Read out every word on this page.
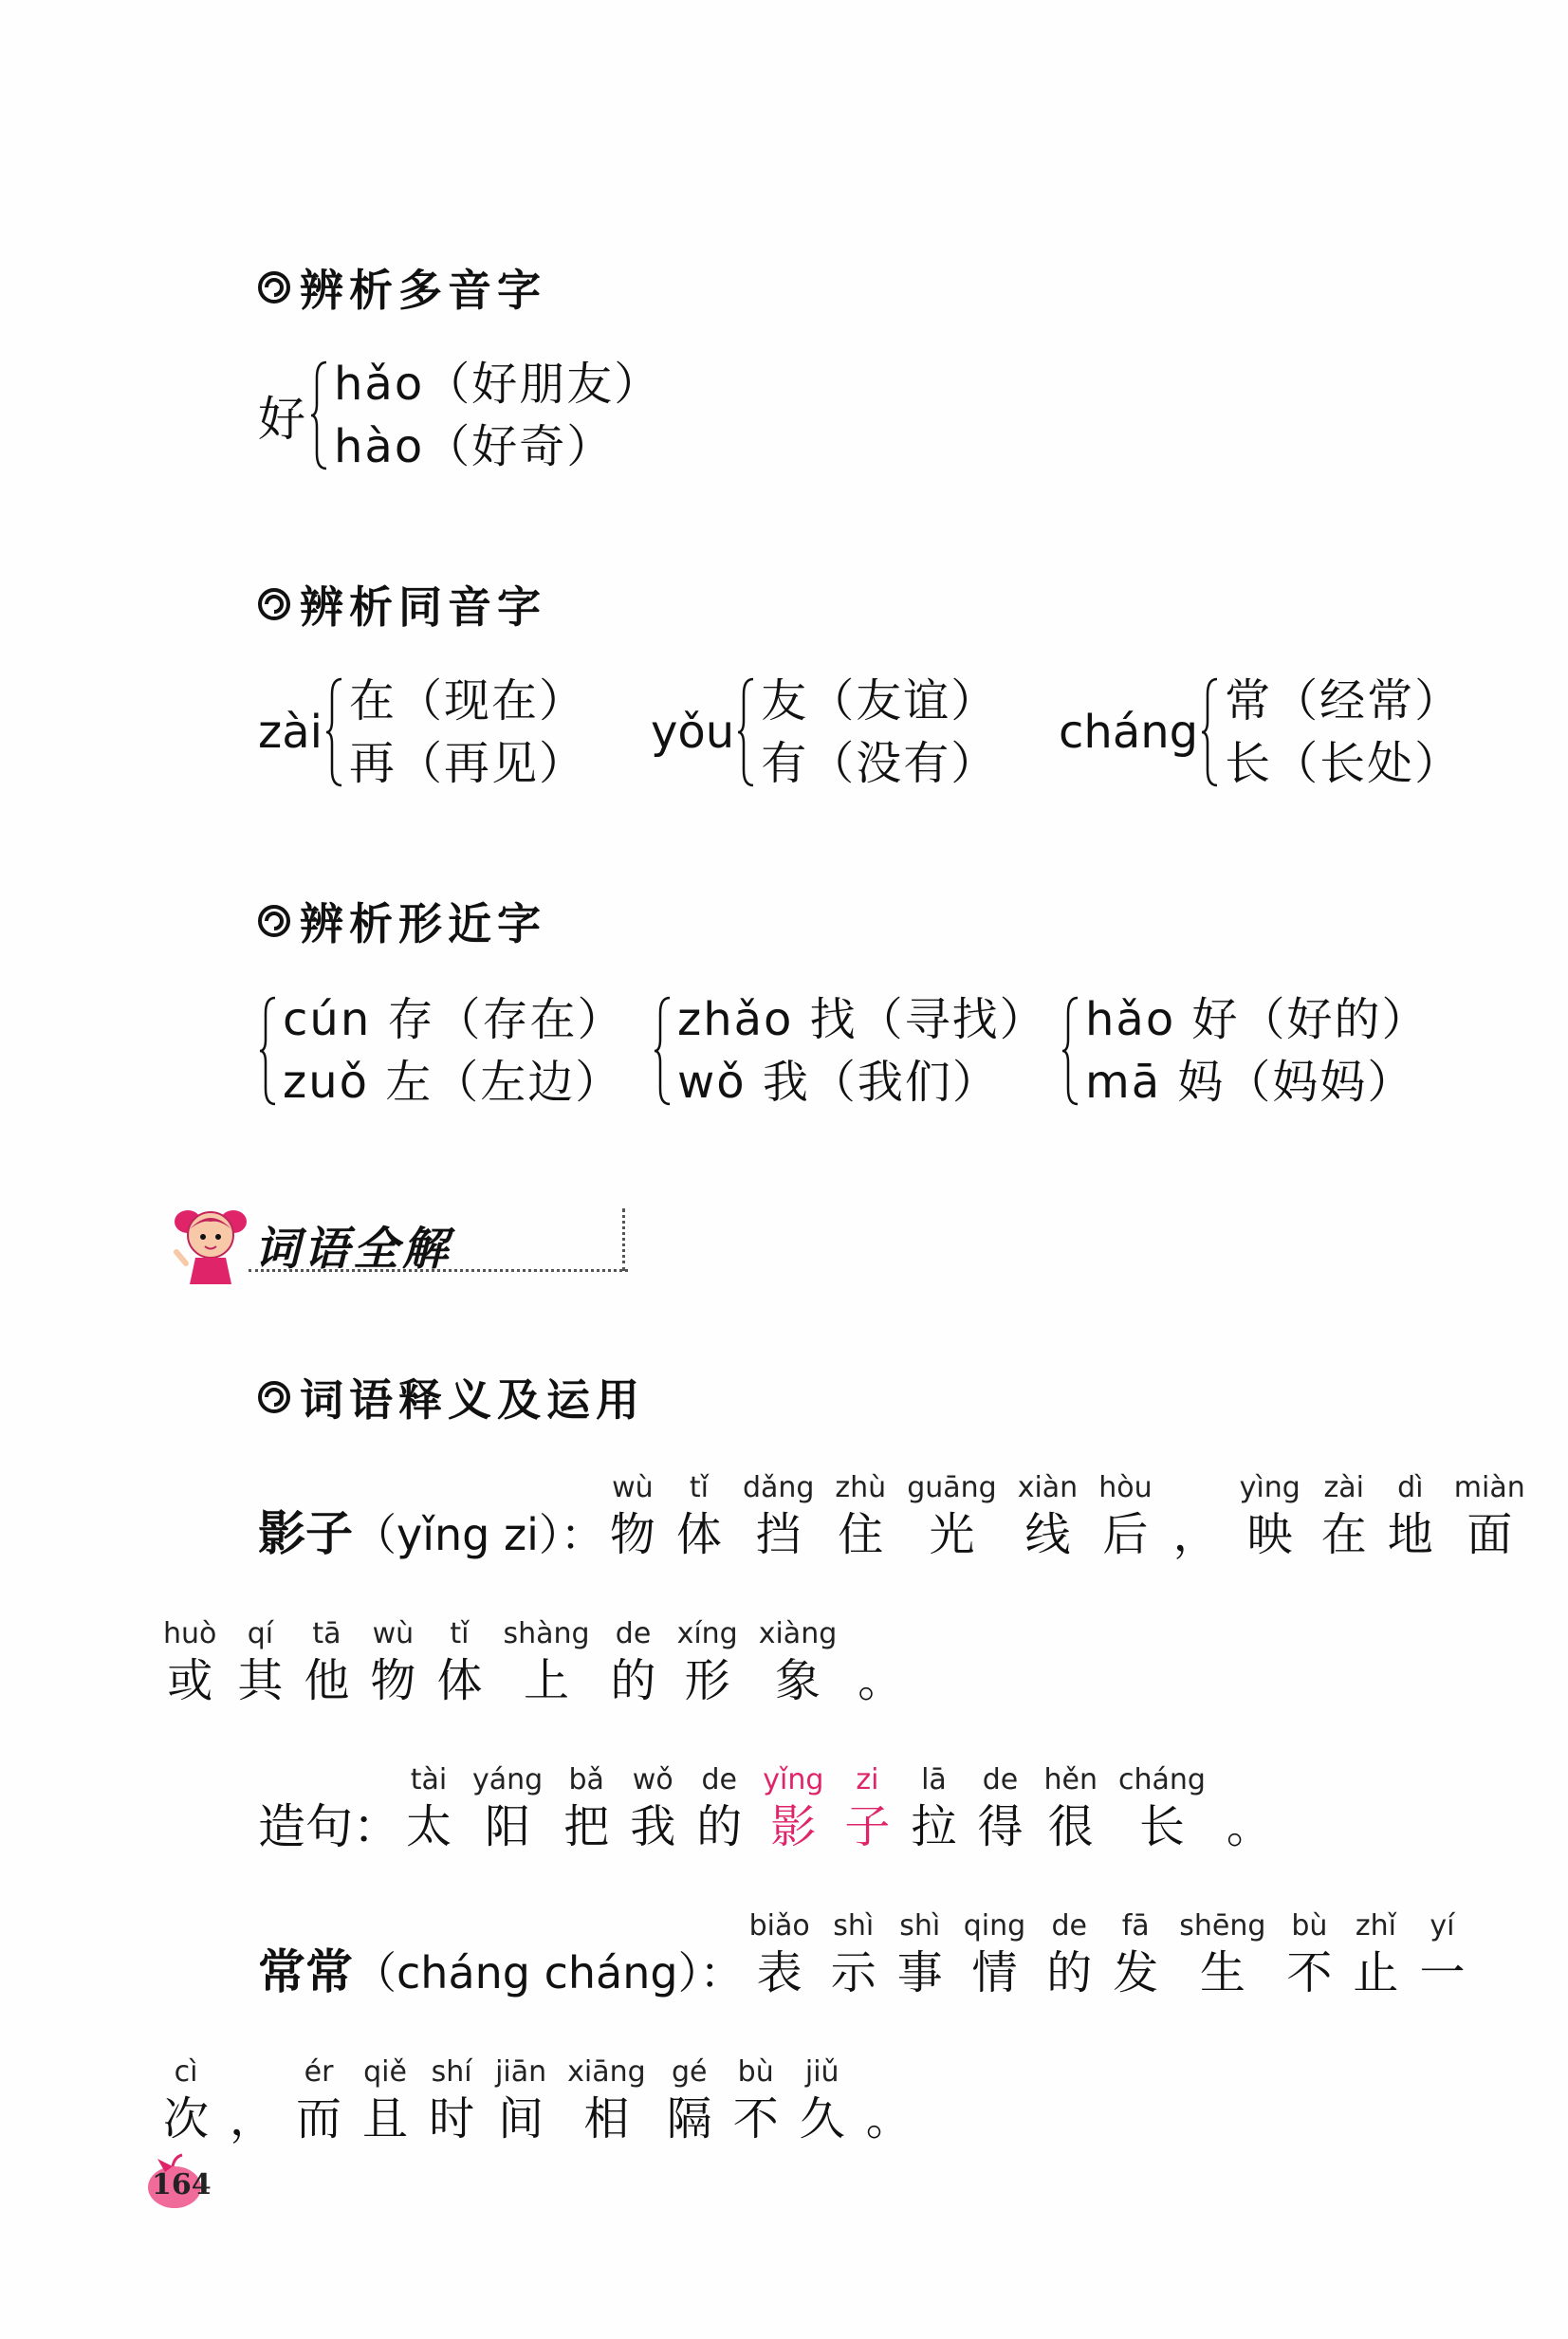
辨析多音字
好
hǎo（好朋友）
hào（好奇）
辨析同音字
zài
在（现在）
再（再见）
yǒu
友（友谊）
有（没有）
cháng
常（经常）
长（长处）
辨析形近字
cún 存（存在）
zuǒ 左（左边）
zhǎo 找（寻找）
wǒ 我（我们）
hǎo 好（好的）
mā 妈（妈妈）
词语全解
词语释义及运用
影子（yǐng zi）：
wù
物
tǐ
体
dǎng
挡
zhù
住
guāng
光
xiàn
线
hòu
后 ，
yìng
映
zài
在
dì
地
miàn
面
huò
或
qí
其
tā
他
wù
物
tǐ
体
shàng
上
de
的
xíng
形
xiàng
象 。
造句：
tài
太
yáng
阳
bǎ
把
wǒ
我
de
的
yǐng
影
zi
子
lā
拉
de
得
hěn
很
cháng
长 。
常常（cháng cháng）：
biǎo
表
shì
示
shì
事
qing
情
de
的
fā
发
shēng
生
bù
不
zhǐ
止
yí
一
cì
次 ，
ér
而
qiě
且
shí
时
jiān
间
xiāng
相
gé
隔
bù
不
jiǔ
久 。
164
